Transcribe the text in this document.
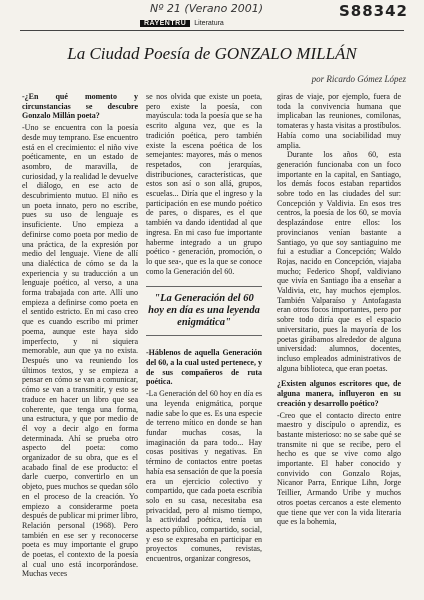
Nº 21 (Verano 2001)	S88342
RAYENTRU	Literatura
La Ciudad Poesía de GONZALO MILLÁN
por Ricardo Gómez López

-¿En qué momento y circunstancias se descubre Gonzalo Millán poeta?

-Uno se encuentra con la poesía desde muy temprano. Ese encuentro está en el crecimiento: el niño vive poéticamente, en un estado de asombro, de maravilla, de curiosidad, y la realidad le devuelve el diálogo, en ese acto de descubrimiento mutuo. El niño es un poeta innato, pero no escribe, pues su uso de lenguaje es insuficiente. Uno empieza a definirse como poeta por medio de una práctica, de la expresión por medio del lenguaje. Viene de allí una dialéctica de cómo se da la experiencia y su traducción a un lenguaje poético, al verso, a una forma trabajada con arte. Allí uno empieza a definirse como poeta en el sentido estricto. En mi caso creo que es cuando escribo mi primer poema, aunque este haya sido imperfecto, y ni siquiera memorable, aun que ya no exista. Después uno va reuniendo los últimos textos, y se empieza a pensar en cómo se van a comunicar, cómo se van a transmitir, y esto se traduce en hacer un libro que sea coherente, que tenga una forma, una estructura, y que por medio de él voy a decir algo en forma determinada. Ahí se prueba otro aspecto del poeta: como organizador de su obra, que es el acabado final de ese producto: el darle cuerpo, convertirlo en un objeto, pues muchos se quedan sólo en el proceso de la creación. Yo empiezo a considerarme poeta después de publicar mi primer libro, Relación personal (1968). Pero también en ese ser y reconocerse poeta es muy importante el grupo de poetas, el contexto de la poesía al cual uno está incorporándose. Muchas veces

se nos olvida que existe un poeta, pero existe la poesía, con mayúscula: toda la poesía que se ha escrito alguna vez, que es la tradición poética, pero también existe la escena poética de los semejantes: mayores, más o menos respetados, con jerarquías, distribuciones, características, que estos son así o son allá, grupos, escuelas... Diría que el ingreso y la participación en ese mundo poético de pares, o dispares, es el que también va dando identidad al que ingresa. En mi caso fue importante haberme integrado a un grupo poético - generación, promoción, o lo que sea-, que es la que se conoce como la Generación del 60.

"La Generación del 60 hoy en día es una leyenda enigmática"

-Háblenos de aquella Generación del 60, a la cual usted pertenece, y de sus compañeros de ruta poética.

-La Generación del 60 hoy en día es una leyenda enigmática, porque nadie sabe lo que es. Es una especie de terreno mítico en donde se han fundar muchas cosas, la imaginación da para todo... Hay cosas positivas y negativas. En término de contactos entre poetas había esa sensación de que la poesía era un ejercicio colectivo y compartido, que cada poeta escribía solo en su casa, necesitaba esa privacidad, pero al mismo tiempo, la actividad poética, tenía un aspecto público, compartido, social, y eso se expresaba en participar en proyectos comunes, revistas, encuentros, organizar congresos,

giras de viaje, por ejemplo, fuera de toda la convivencia humana que implicaban las reuniones, comilonas, tomateras y hasta visitas a prostíbulos. Había como una sociabilidad muy amplia.

Durante los años 60, esta generación funcionaba con un foco importante en la capital, en Santiago, los demás focos estaban repartidos sobre todo en las ciudades del sur: Concepción y Valdivia. En esos tres centros, la poesía de los 60, se movía desplazándose entre ellos: los provincianos venían bastante a Santiago, yo que soy santiaguino me fui a estudiar a Concepción; Waldo Rojas, nacido en Concepción, viajaba mucho; Federico Shopf, valdiviano que vivía en Santiago iba a enseñar a Valdivia, etc, hay muchos ejemplos. También Valparaíso y Antofagasta eran otros focos importantes, pero por sobre todo diría que es el espacio universitario, pues la mayoría de los poetas girábamos alrededor de alguna universidad: alumnos, docentes, incluso empleados administrativos de alguna biblioteca, que eran poetas.

¿Existen algunos escritores que, de alguna manera, influyeron en su creación y desarrollo poético?

-Creo que el contacto directo entre maestro y discípulo o aprendiz, es bastante misterioso: no se sabe qué se transmite ni que se recibe, pero el hecho es que se vive como algo importante. El haber conocido y convivido con Gonzalo Rojas, Nicanor Parra, Enrique Lihn, Jorge Teillier, Armando Uribe y muchos otros poetas cercanos a este elemento que tiene que ver con la vida literaria que es la bohemia,
